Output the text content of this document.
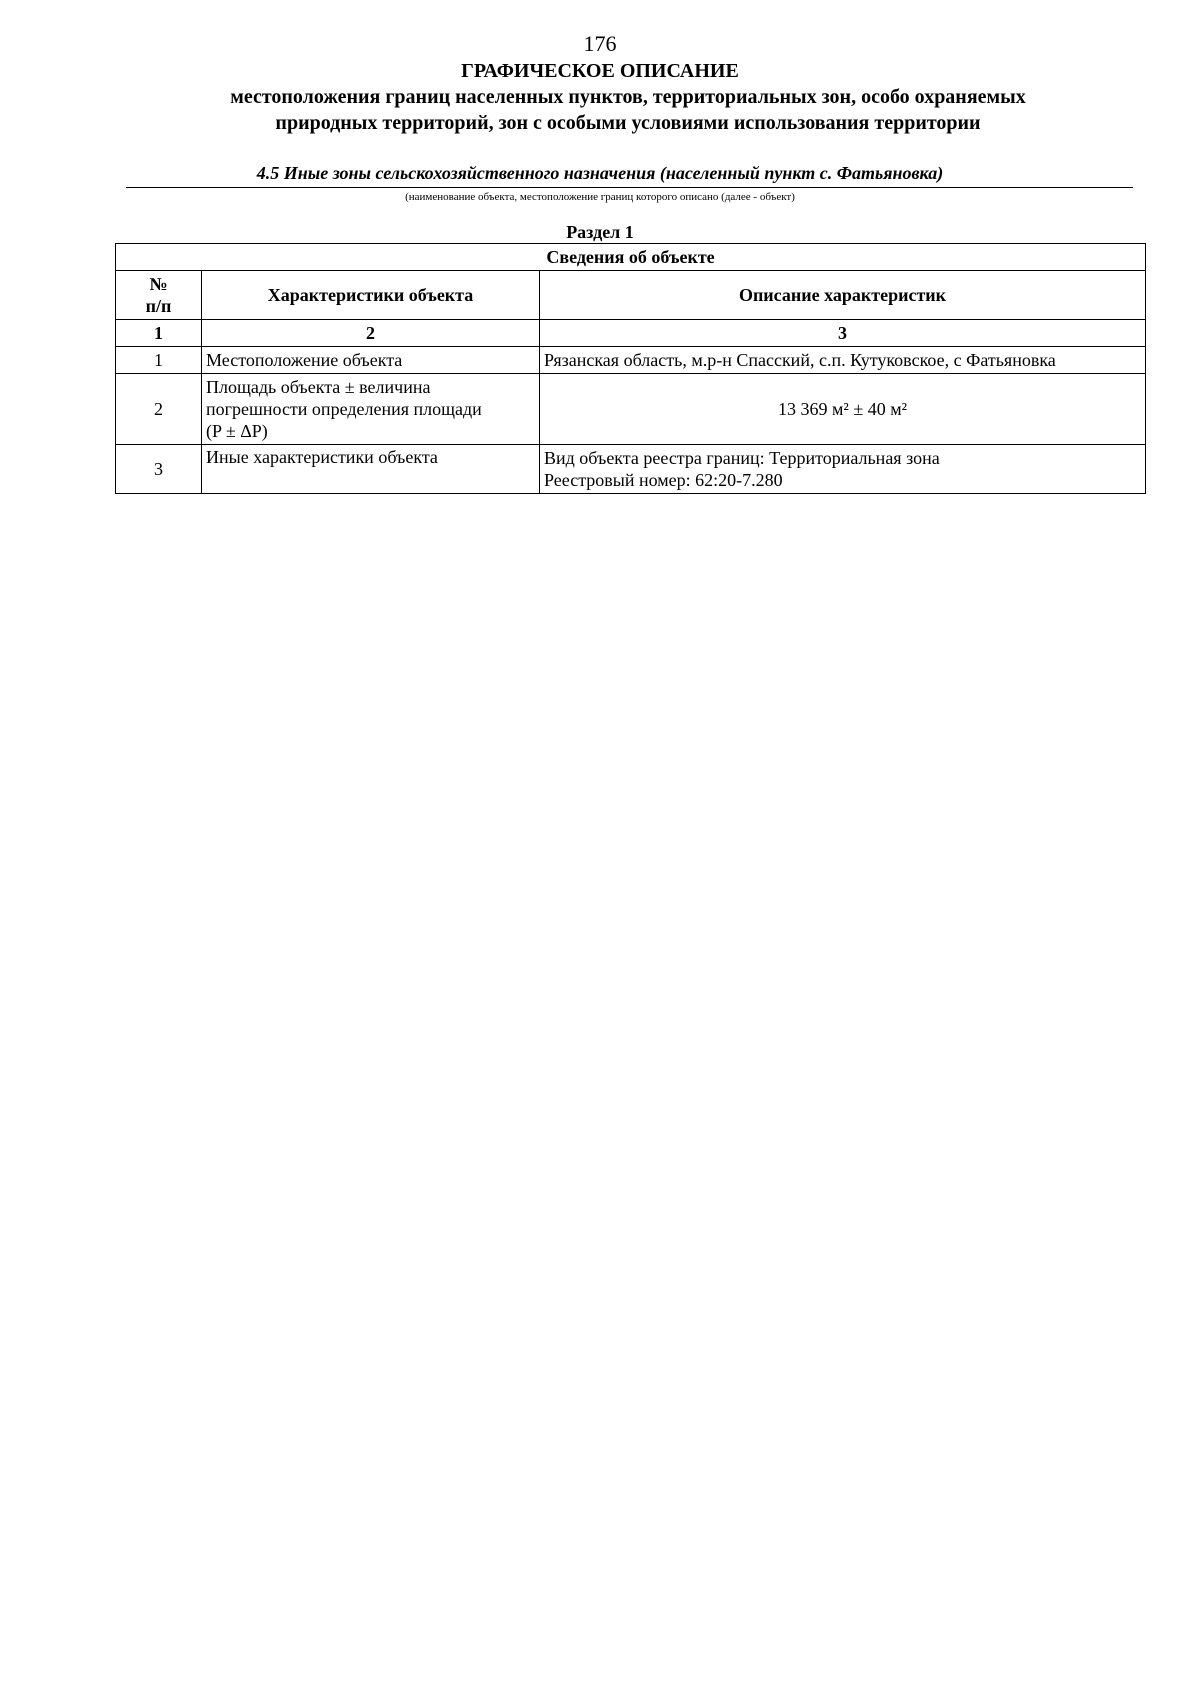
176
ГРАФИЧЕСКОЕ ОПИСАНИЕ
местоположения границ населенных пунктов, территориальных зон, особо охраняемых природных территорий, зон с особыми условиями использования территории
4.5 Иные зоны сельскохозяйственного назначения (населенный пункт с. Фатьяновка)
(наименование объекта, местоположение границ которого описано (далее - объект)
Раздел 1
Сведения об объекте		

№
п/п	Характеристики объекта	Описание характеристик
1	2	3
1	Местоположение объекта	Рязанская область, м.р-н Спасский, с.п. Кутуковское, с Фатьяновка
2	Площадь объекта ± величина
погрешности определения площади
(P ± ΔP)	13 369 м² ± 40 м²
3	Иные характеристики объекта	Вид объекта реестра границ: Территориальная зона
Реестровый номер: 62:20-7.280
